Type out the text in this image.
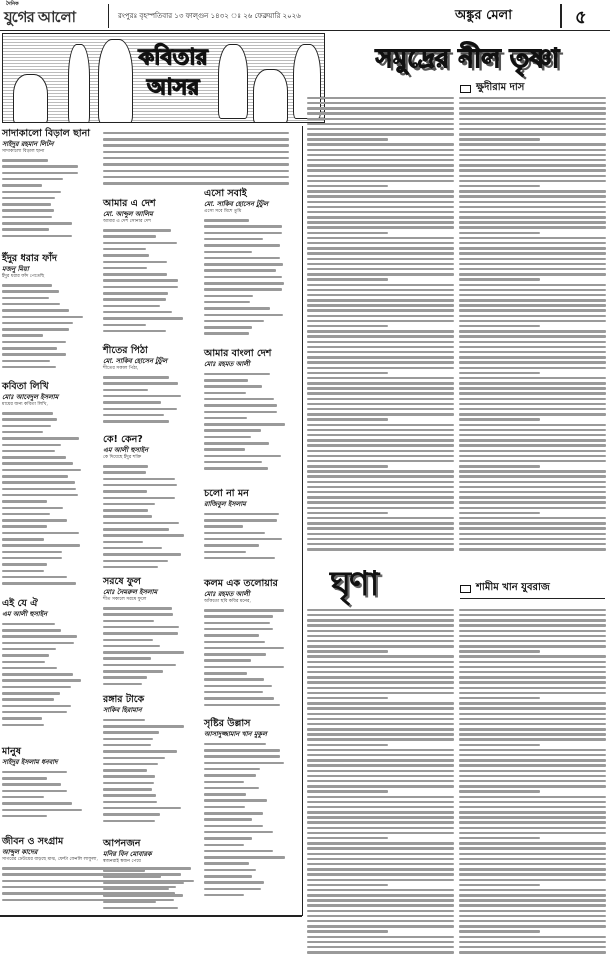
দৈনিক
যুগের আলো	রংপুরঃ বৃহস্পতিবার ১৩ ফাল্গুন ১৪৩২ ঃ ২৬ ফেব্রুয়ারি ২০২৬	অঙ্কুর মেলা	৫
কবিতার
আসর
সাদাকালো বিড়াল ছানা
সাইদুর রহমান লিটন

সাদাকালো বিড়াল ছানা

ইঁদুর ধরার ফাঁদ
মজনু মিয়া

ইঁদুর ধরার ফাঁদ পেতেছি

কবিতা লিখি
মোঃ আবেদুল ইসলাম

মায়ের জন্য কবিতা লিখি,

এই যে ঐ
এম আলী হুসাইন

মানুষ
সাইদুর ইসলাম ধনবাদ

জীবন ও সংগ্রাম
আব্দুল কাদের

সাগরের ঢেউয়ের বাড়ছে মাঝ, ফেন্টা ফেনলি লাফুলা,

আমার এ দেশ
মো. আব্দুল আলিম

আমার এ দেশ সোনার দেশ

শীতের পিঠা
মো. সাকিব হোসেন টুটুল

শীতের সকাল পিঠা,

কে! কেন?
এম আলী হুসাইন

কে দিয়েছে ইঁদুর শক্তি

সরষে ফুল
মোঃ নৈমরুল ইসলাম

শীত সকালে সরষে ফুলে

রঙ্গার টাকে
সাকিব হিরামান

আপনজন
মনির বিন মোবারক

স্বজনরাই স্বজন পেয়ে

এসো সবাই
মো. সাকিব হোসেন টুটুল

এসো সবে মিশে তুমি

আমার বাংলা দেশ
মোঃ রহমত আলী

চলো না মন
রাজিবুল ইসলাম

কলম এক তলোয়ার
মোঃ রহমত আলী

আঁকতো ছবি কবির মনের,

সৃষ্টির উল্লাস
আসাদুজ্জামান খান মুকুল

সমুদ্রের নীল তৃষ্ণা
ক্ষুদীরাম দাস
ঘৃণা	শামীম খান যুবরাজ
